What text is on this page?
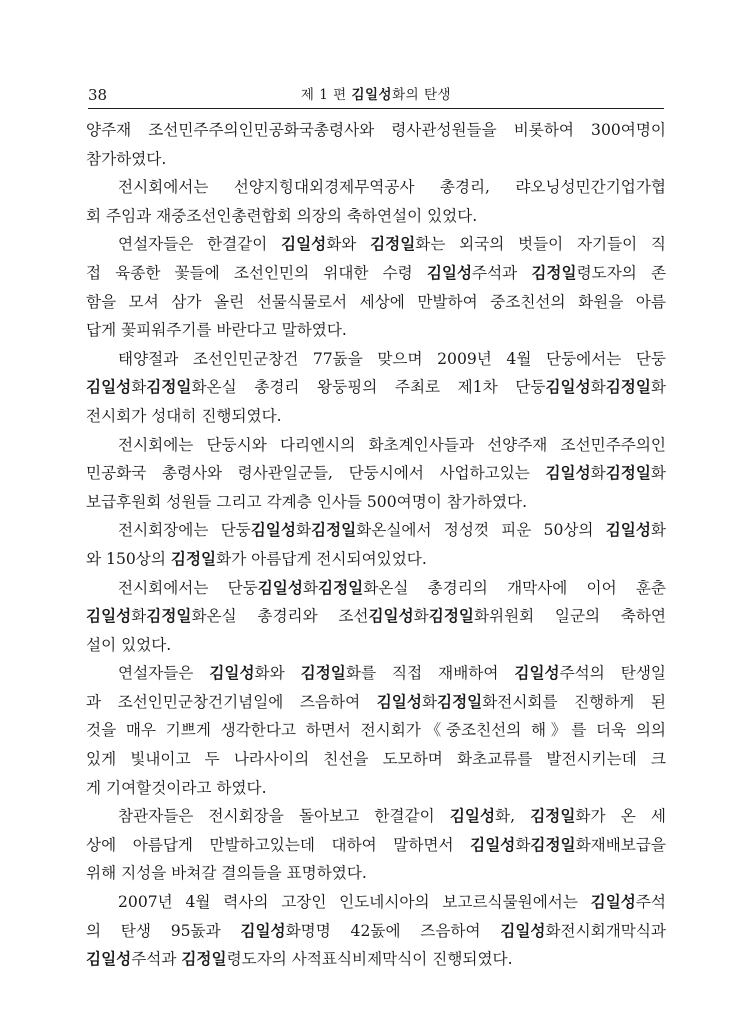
38	제 1 편 김일성화의 탄생
양주재 조선민주주의인민공화국총령사와 령사관성원들을 비롯하여 300여명이
참가하였다.
전시회에서는 선양지힝대외경제무역공사 총경리, 랴오닝성민간기업가협
회 주임과 재중조선인총련합회 의장의 축하연설이 있었다.
연설자들은 한결같이 김일성화와 김정일화는 외국의 벗들이 자기들이 직
접 육종한 꽃들에 조선인민의 위대한 수령 김일성주석과 김정일령도자의 존
함을 모셔 삼가 올린 선물식물로서 세상에 만발하여 중조친선의 화원을 아름
답게 꽃피워주기를 바란다고 말하였다.
태양절과 조선인민군창건 77돐을 맞으며 2009년 4월 단둥에서는 단둥
김일성화김정일화온실 총경리 왕둥핑의 주최로 제1차 단둥김일성화김정일화
전시회가 성대히 진행되였다.
전시회에는 단둥시와 다리엔시의 화초계인사들과 선양주재 조선민주주의인
민공화국 총령사와 령사관일군들, 단둥시에서 사업하고있는 김일성화김정일화
보급후원회 성원들 그리고 각계층 인사들 500여명이 참가하였다.
전시회장에는 단둥김일성화김정일화온실에서 정성껏 피운 50상의 김일성화
와 150상의 김정일화가 아름답게 전시되여있었다.
전시회에서는 단둥김일성화김정일화온실 총경리의 개막사에 이어 훈춘
김일성화김정일화온실 총경리와 조선김일성화김정일화위원회 일군의 축하연
설이 있었다.
연설자들은 김일성화와 김정일화를 직접 재배하여 김일성주석의 탄생일
과 조선인민군창건기념일에 즈음하여 김일성화김정일화전시회를 진행하게 된
것을 매우 기쁘게 생각한다고 하면서 전시회가《중조친선의 해》를 더욱 의의
있게 빛내이고 두 나라사이의 친선을 도모하며 화초교류를 발전시키는데 크
게 기여할것이라고 하였다.
참관자들은 전시회장을 돌아보고 한결같이 김일성화, 김정일화가 온 세
상에 아름답게 만발하고있는데 대하여 말하면서 김일성화김정일화재배보급을
위해 지성을 바쳐갈 결의들을 표명하였다.
2007년 4월 력사의 고장인 인도네시아의 보고르식물원에서는 김일성주석
의 탄생 95돐과 김일성화명명 42돐에 즈음하여 김일성화전시회개막식과
김일성주석과 김정일령도자의 사적표식비제막식이 진행되였다.
